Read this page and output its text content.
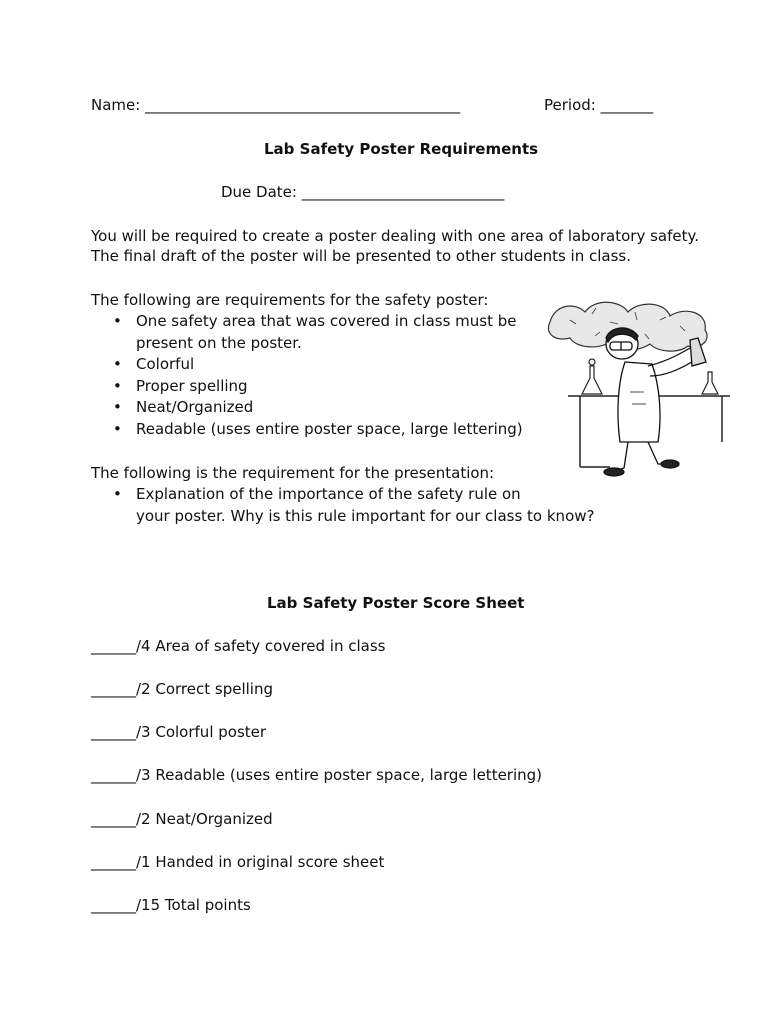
Name: __________________________________________	Period: _______
Lab Safety Poster Requirements
Due Date: ___________________________
You will be required to create a poster dealing with one area of laboratory safety.
The final draft of the poster will be presented to other students in class.
The following are requirements for the safety poster:
• One safety area that was covered in class must be
present on the poster.
• Colorful
• Proper spelling
• Neat/Organized
• Readable (uses entire poster space, large lettering)
The following is the requirement for the presentation:
• Explanation of the importance of the safety rule on
your poster. Why is this rule important for our class to know?
Lab Safety Poster Score Sheet
______/4 Area of safety covered in class
______/2 Correct spelling
______/3 Colorful poster
______/3 Readable (uses entire poster space, large lettering)
______/2 Neat/Organized
______/1 Handed in original score sheet
______/15 Total points
